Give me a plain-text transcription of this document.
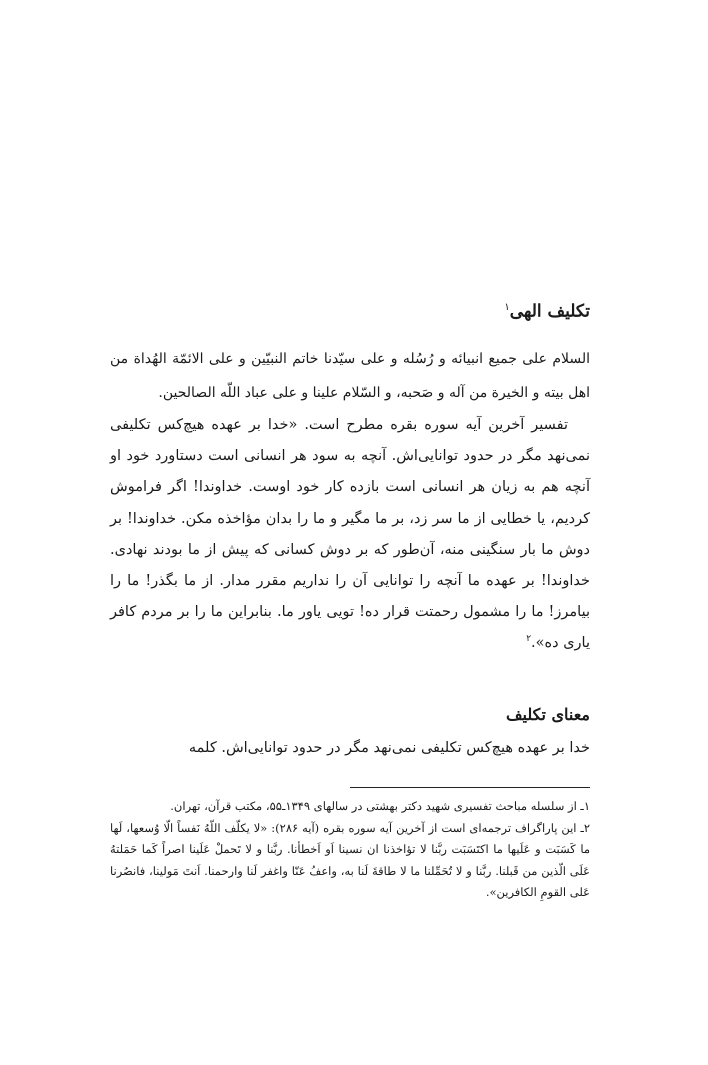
تکلیف الهی$^۱$

السلام علی جمیع انبیائه و رُسُله و علی سیّدنا خاتم النبیّین و علی الائمّة الهُداة من اهل بیته و الخیرة من آله و صَحبه، و السّلام علینا و علی عباد اللّه الصالحین.

تفسیر آخرین آیه سوره بقره مطرح است. «خدا بر عهده هیچ‌کس تکلیفی نمی‌نهد مگر در حدود توانایی‌اش. آنچه به سود هر انسانی است دستاورد خود او آنچه هم به زیان هر انسانی است بازده کار خود اوست. خداوندا! اگر فراموش کردیم، یا خطایی از ما سر زد، بر ما مگیر و ما را بدان مؤاخذه مکن. خداوندا! بر دوش ما بار سنگینی منه، آن‌طور که بر دوش کسانی که پیش از ما بودند نهادی. خداوندا! بر عهده ما آنچه را توانایی آن را نداریم مقرر مدار. از ما بگذر! ما را بیامرز! ما را مشمول رحمتت قرار ده! تویی یاور ما. بنابراین ما را بر مردم کافر یاری ده».$^۲$

معنای تکلیف

خدا بر عهده هیچ‌کس تکلیفی نمی‌نهد مگر در حدود توانایی‌اش. کلمه

۱ـ از سلسله مباحث تفسیری شهید دکتر بهشتی در سالهای ۱۳۴۹ـ۵۵، مکتب قرآن، تهران.

۲ـ این پاراگراف ترجمه‌ای است از آخرین آیه سوره بقره (آیه ۲۸۶): «لا یکلّف اللّهُ نَفساً الّا وُسعها، لَها ما کَسَبَت و عَلَیها ما اکتَسَبَت ربَّنا لا تؤاخذنا ان نسینا اَو اَخطأنا. ربَّنا و لا تَحملْ عَلَینا اصراً کَما حَمَلتهُ عَلَی الّذین من قَبلنا. ربَّنا و لا تُحَمِّلنا ما لا طاقةَ لَنا به، واعفُ عَنّا واغفر لَنا وارحمنا. اَنتَ مَولینا، فانصُرنا عَلی القومِ الکافرین».
